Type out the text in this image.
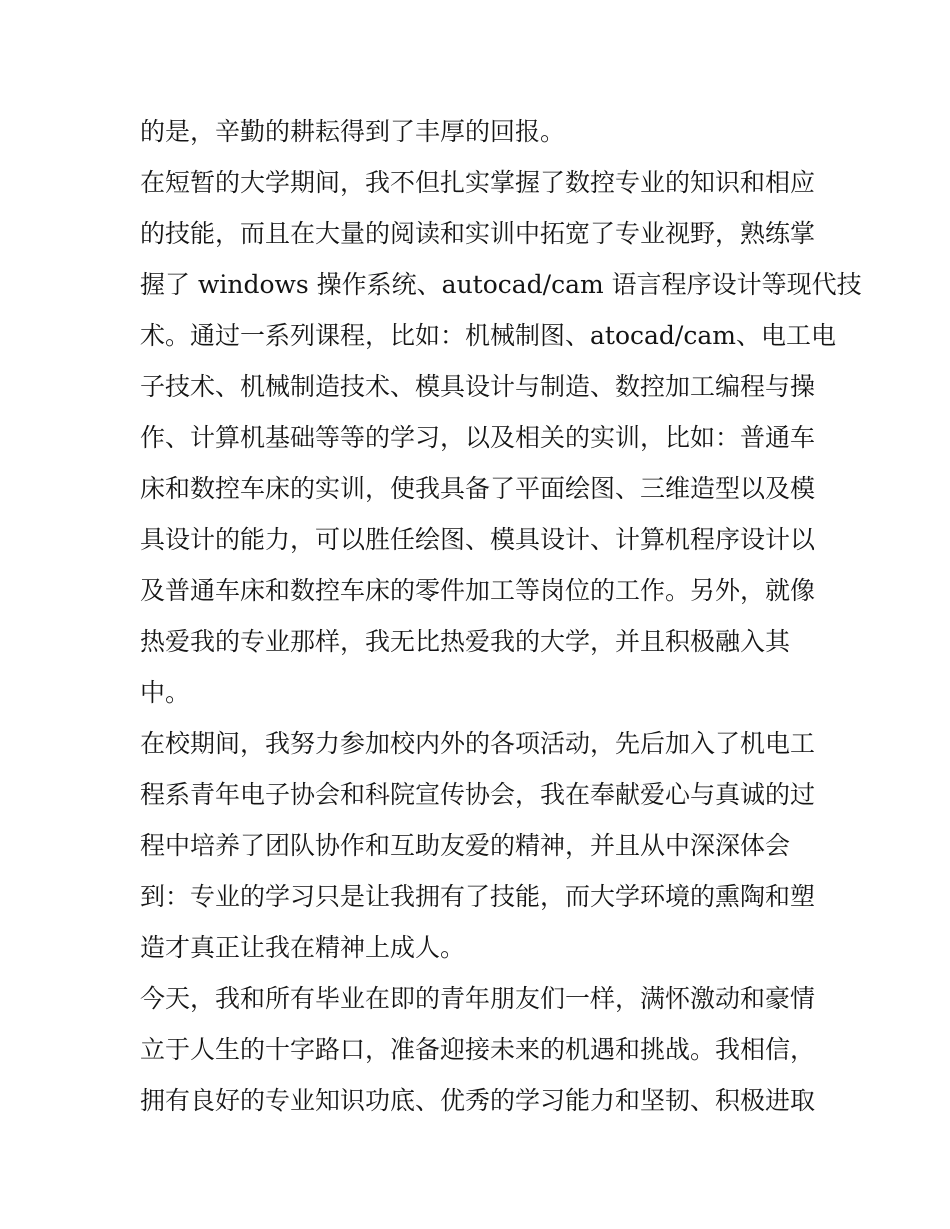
的是，辛勤的耕耘得到了丰厚的回报。
在短暂的大学期间，我不但扎实掌握了数控专业的知识和相应
的技能，而且在大量的阅读和实训中拓宽了专业视野，熟练掌
握了 windows 操作系统、autocad/cam 语言程序设计等现代技
术。通过一系列课程，比如：机械制图、atocad/cam、电工电
子技术、机械制造技术、模具设计与制造、数控加工编程与操
作、计算机基础等等的学习，以及相关的实训，比如：普通车
床和数控车床的实训，使我具备了平面绘图、三维造型以及模
具设计的能力，可以胜任绘图、模具设计、计算机程序设计以
及普通车床和数控车床的零件加工等岗位的工作。另外，就像
热爱我的专业那样，我无比热爱我的大学，并且积极融入其
中。
在校期间，我努力参加校内外的各项活动，先后加入了机电工
程系青年电子协会和科院宣传协会，我在奉献爱心与真诚的过
程中培养了团队协作和互助友爱的精神，并且从中深深体会
到：专业的学习只是让我拥有了技能，而大学环境的熏陶和塑
造才真正让我在精神上成人。
今天，我和所有毕业在即的青年朋友们一样，满怀激动和豪情
立于人生的十字路口，准备迎接未来的机遇和挑战。我相信，
拥有良好的专业知识功底、优秀的学习能力和坚韧、积极进取
